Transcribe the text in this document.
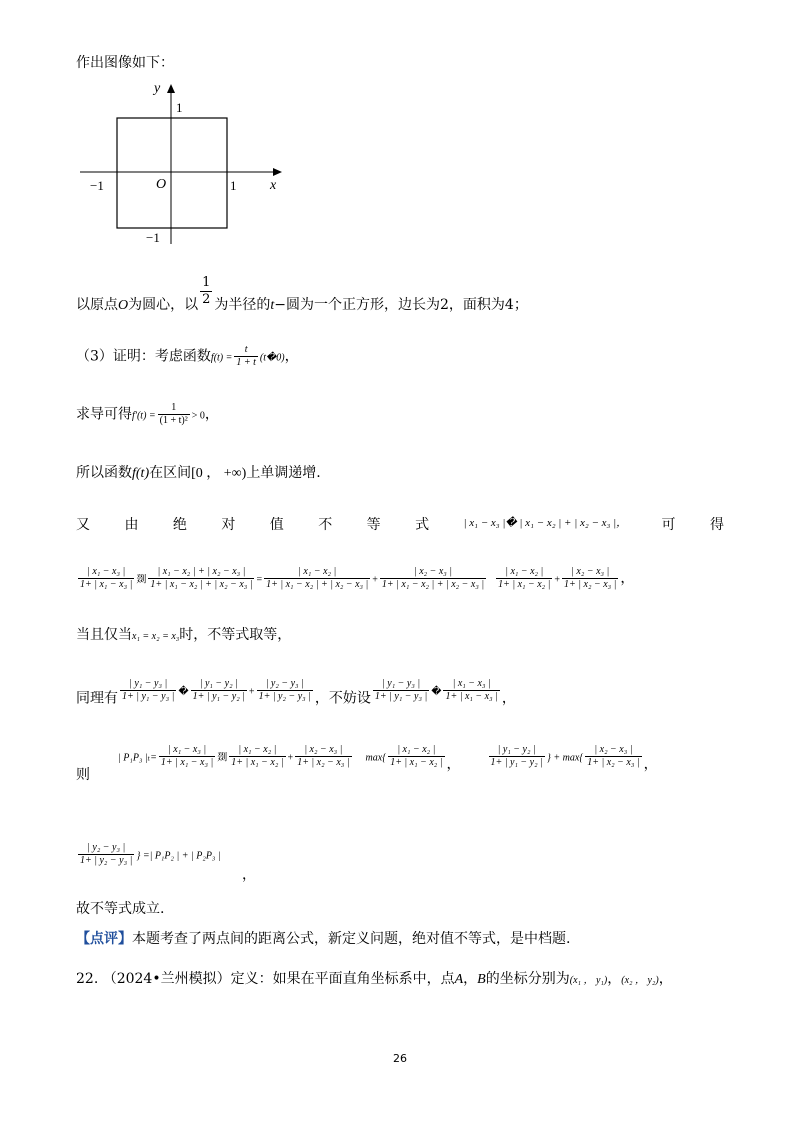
作出图像如下：
y
x
O
1
1
−1
−1
以原点O为圆心，以 $\frac{1}{2}$ 为半径的t−圆为一个正方形，边长为2，面积为4；
（3）证明：考虑函数$f(t) = \frac{t}{1 + t}$ (t�0)，
求导可得$f'(t) = \frac{1}{\text{(1 + t)²}} > 0$，
所以函数f(t)在区间[0 ， +∞)上单调递增.
又 由 绝 对 值 不 等 式	| x₁ − x₃ |� | x₁ − x₂ | + | x₂ − x₃ |， 可 得
$\frac{\text{| x₁ − x₃ |}}{\text{1+ | x₁ − x₃ |}}$ 剟 $\frac{\text{| x₁ − x₂ | + | x₂ − x₃ |}}{\text{1+ | x₁ − x₂ | + | x₂ − x₃ |}} = \frac{\text{| x₁ − x₂ |}}{\text{1+ | x₁ − x₂ | + | x₂ − x₃ |}} + \frac{\text{| x₂ − x₃ |}}{\text{1+ | x₁ − x₂ | + | x₂ − x₃ |}} \frac{\text{| x₁ − x₂ |}}{\text{1+ | x₁ − x₂ |}} + \frac{\text{| x₂ − x₃ |}}{\text{1+ | x₂ − x₃ |}}$ ，
当且仅当x₁ = x₂ = x₃时，不等式取等，
同理有 $\frac{\text{| y₁ − y₃ |}}{\text{1+ | y₁ − y₃ |}}$ � $\frac{\text{| y₁ − y₂ |}}{\text{1+ | y₁ − y₂ |}} + \frac{\text{| y₂ − y₃ |}}{\text{1+ | y₂ − y₃ |}}$ ，不妨设 $\frac{\text{| y₁ − y₃ |}}{\text{1+ | y₁ − y₃ |}}$ � $\frac{\text{| x₁ − x₃ |}}{\text{1+ | x₁ − x₃ |}}$ ，
则| P₁P₃ $|_t= \frac{\text{| x₁ − x₃ |}}{\text{1+ | x₁ − x₃ |}}$ 剟 $\frac{\text{| x₁ − x₂ |}}{\text{1+ | x₁ − x₂ |}} + \frac{\text{| x₂ − x₃ |}}{\text{1+ | x₂ − x₃ |}} \max\{ \frac{\text{| x₁ − x₂ |}}{\text{1+ | x₁ − x₂ |}}$ ，	$\frac{\text{| y₁ − y₂ |}}{\text{1+ | y₁ − y₂ |}}$ } + $\max\{ \frac{\text{| x₂ − x₃ |}}{\text{1+ | x₂ − x₃ |}}$ ，
$\frac{\text{| y₂ − y₃ |}}{\text{1+ | y₂ − y₃ |}}$ } =| P₁P₂ | + | P₂P₃ |
，
故不等式成立.
【点评】本题考查了两点间的距离公式，新定义问题，绝对值不等式，是中档题.
22. （2024•兰州模拟）定义：如果在平面直角坐标系中，点A，B的坐标分别为(x₁ ， y₁)，(x₂ ， y₂)，
26
